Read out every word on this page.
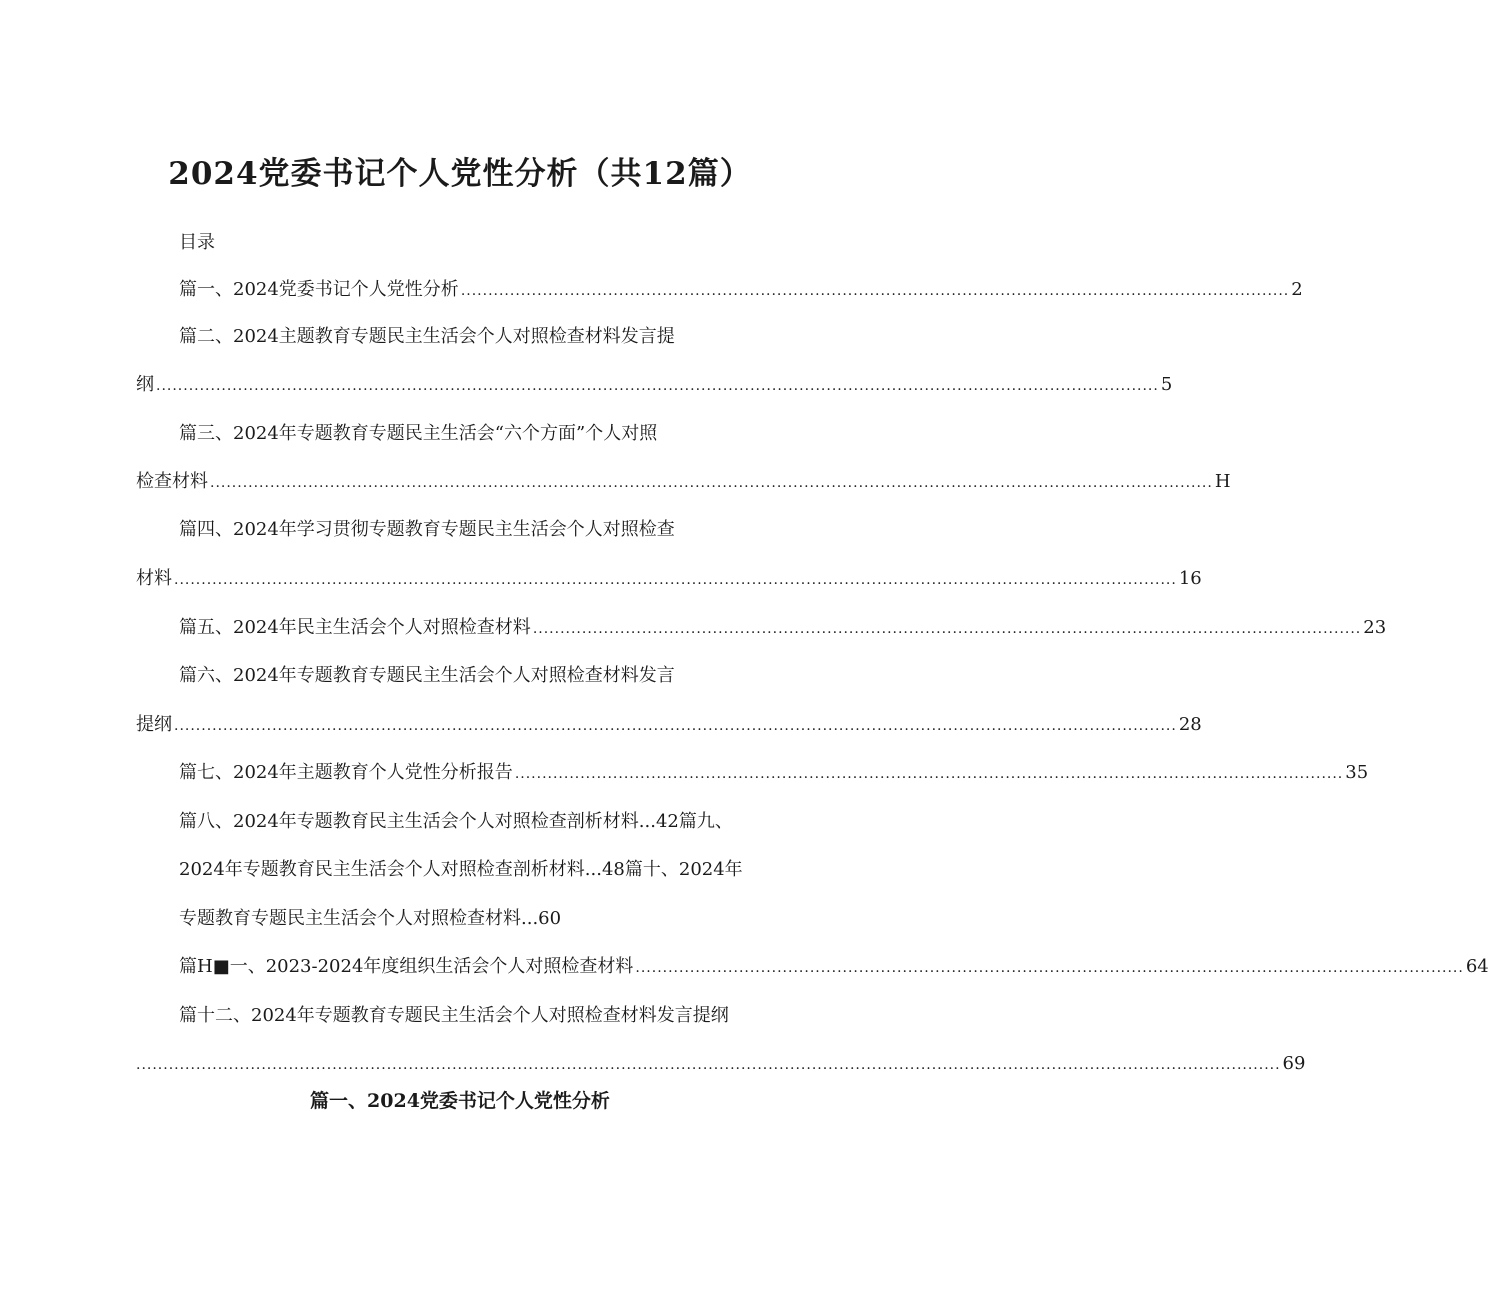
2024党委书记个人党性分析（共12篇）
目录
篇一、2024党委书记个人党性分析 ........................................................................................................................................................ 2
篇二、2024主题教育专题民主生活会个人对照检查材料发言提
纲 ........................................................................................................................................................................................ 5
篇三、2024年专题教育专题民主生活会“六个方面”个人对照
检查材料 ........................................................................................................................................................................................ H
篇四、2024年学习贯彻专题教育专题民主生活会个人对照检查
材料 ........................................................................................................................................................................................ 16
篇五、2024年民主生活会个人对照检查材料 ........................................................................................................................................................ 23
篇六、2024年专题教育专题民主生活会个人对照检查材料发言
提纲 ........................................................................................................................................................................................ 28
篇七、2024年主题教育个人党性分析报告 ........................................................................................................................................................ 35
篇八、2024年专题教育民主生活会个人对照检查剖析材料...42篇九、
2024年专题教育民主生活会个人对照检查剖析材料...48篇十、2024年
专题教育专题民主生活会个人对照检查材料...60
篇H■一、2023-2024年度组织生活会个人对照检查材料 ........................................................................................................................................................ 64
篇十二、2024年专题教育专题民主生活会个人对照检查材料发言提纲
.................................................................................................................................................................................................................. 69
篇一、2024党委书记个人党性分析
